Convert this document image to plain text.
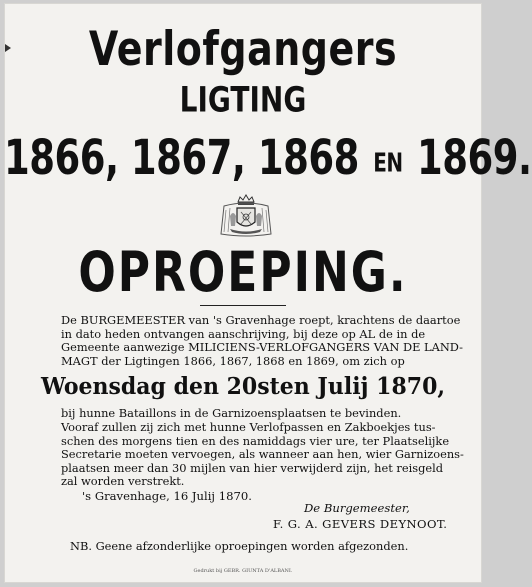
Verlofgangers
LIGTING
1866, 1867, 1868 EN 1869.
OPROEPING.
De BURGEMEESTER van 's Gravenhage roept, krachtens de daartoe
in dato heden ontvangen aanschrijving, bij deze op AL de in de
Gemeente aanwezige MILICIENS-VERLOFGANGERS VAN DE LAND-
MAGT der Ligtingen 1866, 1867, 1868 en 1869, om zich op
Woensdag den 20sten Julij 1870,
bij hunne Bataillons in de Garnizoensplaatsen te bevinden.
Vooraf zullen zij zich met hunne Verlofpassen en Zakboekjes tus-
schen des morgens tien en des namiddags vier ure, ter Plaatselijke
Secretarie moeten vervoegen, als wanneer aan hen, wier Garnizoens-
plaatsen meer dan 30 mijlen van hier verwijderd zijn, het reisgeld
zal worden verstrekt.
's Gravenhage, 16 Julij 1870.
De Burgemeester,
F. G. A. GEVERS DEYNOOT.
NB. Geene afzonderlijke oproepingen worden afgezonden.
Gedrukt bij GEBR. GIUNTA D'ALBANI.
